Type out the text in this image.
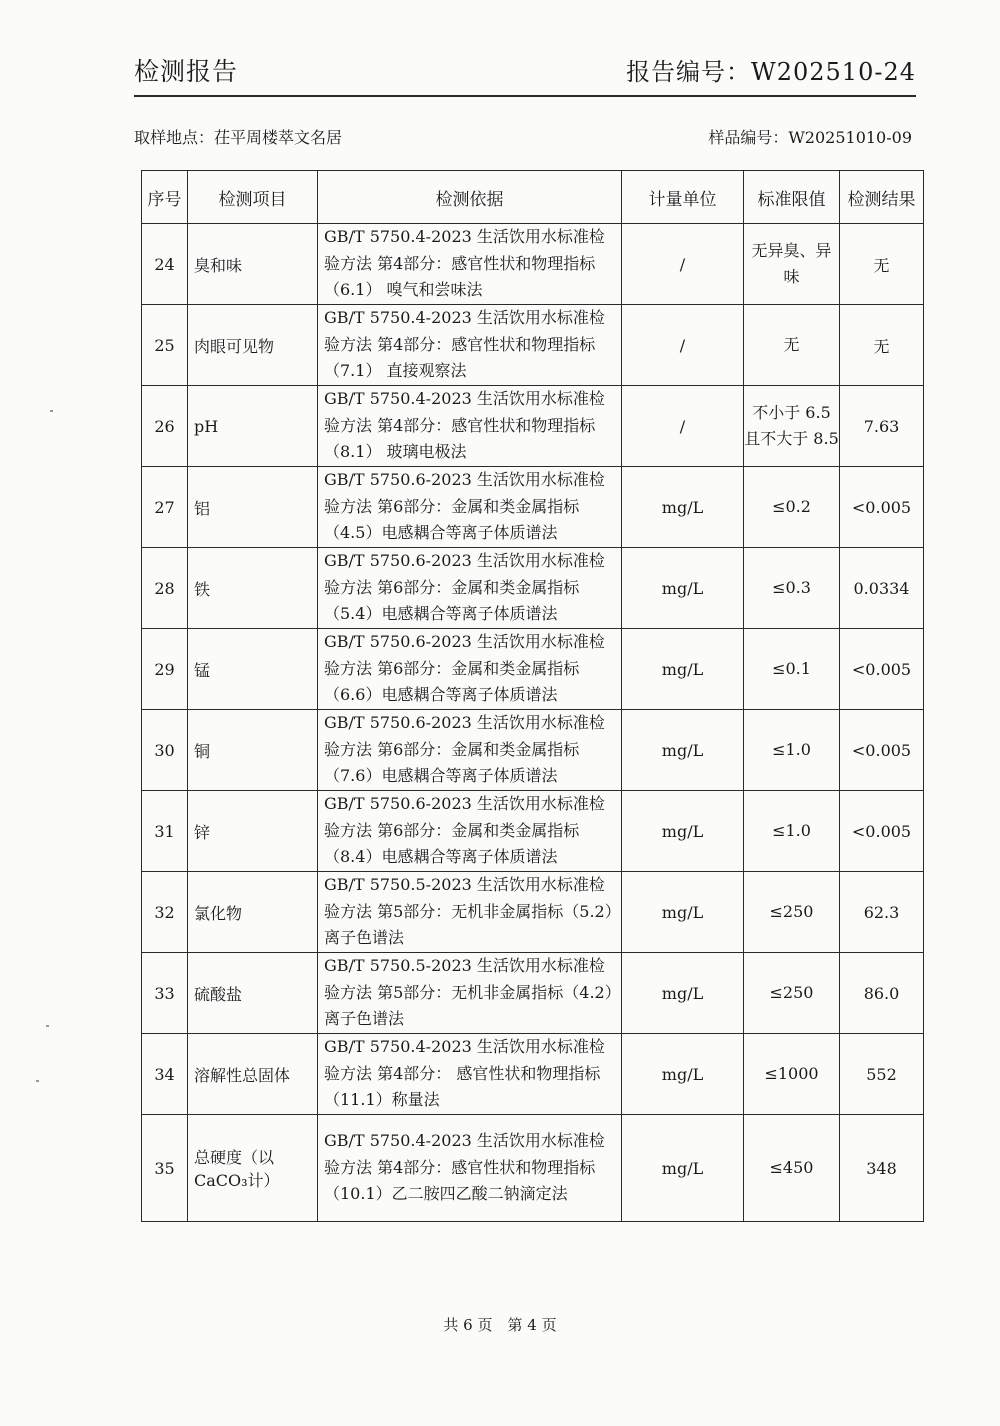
检测报告	报告编号：W202510-24
取样地点：茌平周楼萃文名居	样品编号：W20251010-09
序号	检测项目	检测依据	计量单位	标准限值	检测结果
24	臭和味	GB/T 5750.4-2023 生活饮用水标准检验方法 第4部分：感官性状和物理指标（6.1） 嗅气和尝味法	/	无异臭、异味	无
25	肉眼可见物	GB/T 5750.4-2023 生活饮用水标准检验方法 第4部分：感官性状和物理指标（7.1） 直接观察法	/	无	无
26	pH	GB/T 5750.4-2023 生活饮用水标准检验方法 第4部分：感官性状和物理指标（8.1） 玻璃电极法	/	不小于 6.5 且不大于 8.5	7.63
27	铝	GB/T 5750.6-2023 生活饮用水标准检验方法 第6部分：金属和类金属指标（4.5）电感耦合等离子体质谱法	mg/L	≤0.2	<0.005
28	铁	GB/T 5750.6-2023 生活饮用水标准检验方法 第6部分：金属和类金属指标（5.4）电感耦合等离子体质谱法	mg/L	≤0.3	0.0334
29	锰	GB/T 5750.6-2023 生活饮用水标准检验方法 第6部分：金属和类金属指标（6.6）电感耦合等离子体质谱法	mg/L	≤0.1	<0.005
30	铜	GB/T 5750.6-2023 生活饮用水标准检验方法 第6部分：金属和类金属指标（7.6）电感耦合等离子体质谱法	mg/L	≤1.0	<0.005
31	锌	GB/T 5750.6-2023 生活饮用水标准检验方法 第6部分：金属和类金属指标（8.4）电感耦合等离子体质谱法	mg/L	≤1.0	<0.005
32	氯化物	GB/T 5750.5-2023 生活饮用水标准检验方法 第5部分：无机非金属指标（5.2）离子色谱法	mg/L	≤250	62.3
33	硫酸盐	GB/T 5750.5-2023 生活饮用水标准检验方法 第5部分：无机非金属指标（4.2）离子色谱法	mg/L	≤250	86.0
34	溶解性总固体	GB/T 5750.4-2023 生活饮用水标准检验方法 第4部分： 感官性状和物理指标（11.1）称量法	mg/L	≤1000	552
35	总硬度（以CaCO₃计）	GB/T 5750.4-2023 生活饮用水标准检验方法 第4部分：感官性状和物理指标 （10.1）乙二胺四乙酸二钠滴定法	mg/L	≤450	348
共 6 页　第 4 页
